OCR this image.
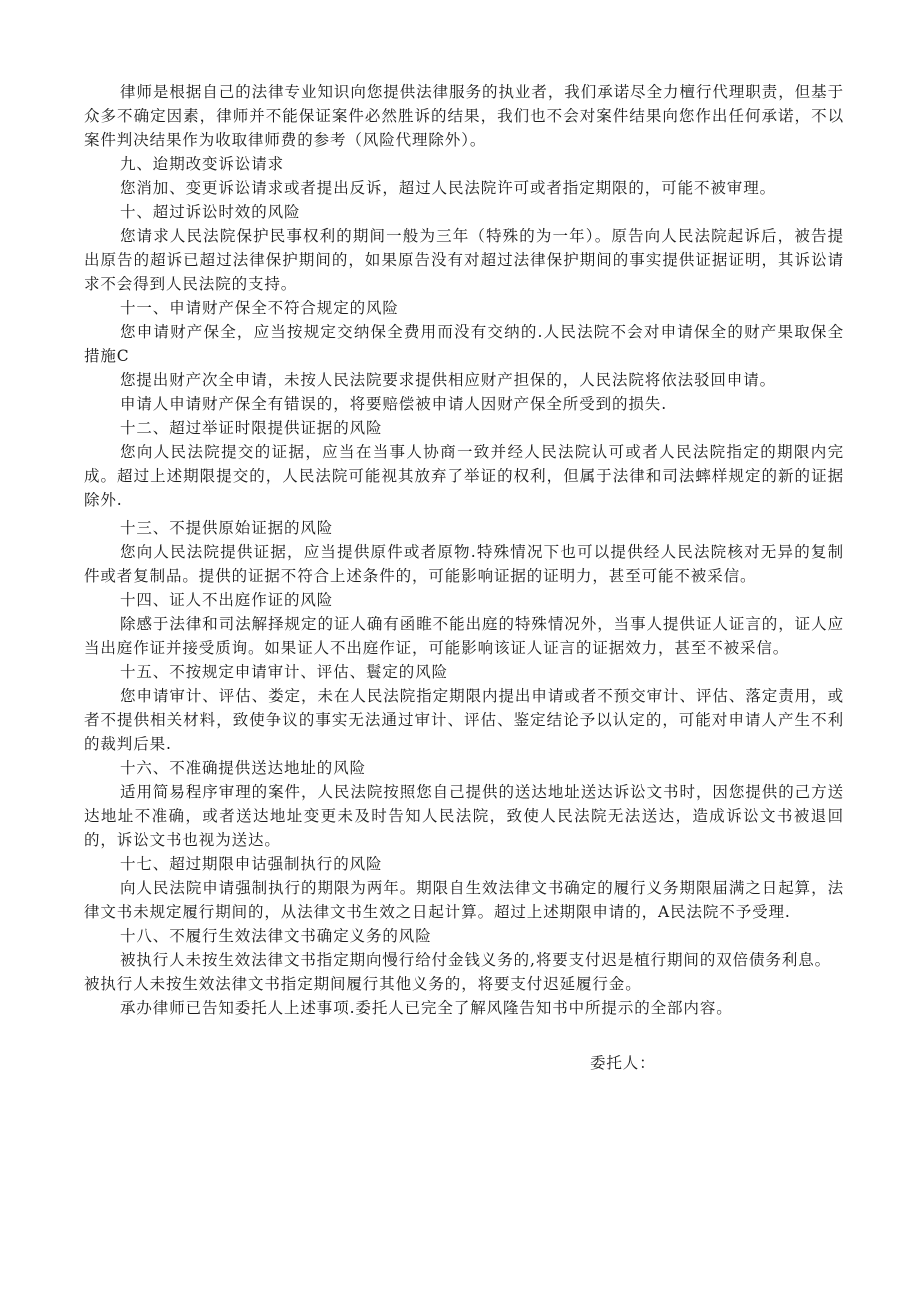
律师是根据自己的法律专业知识向您提供法律服务的执业者，我们承诺尽全力檀行代理职责，但基于众多不确定因素，律师并不能保证案件必然胜诉的结果，我们也不会对案件结果向您作出任何承诺，不以案件判决结果作为收取律师费的参考（风险代理除外）。

九、迨期改变诉讼请求

您消加、变更诉讼请求或者提出反诉，超过人民法院许可或者指定期限的，可能不被审理。

十、超过诉讼时效的风险

您请求人民法院保护民事权利的期间一般为三年（特殊的为一年）。原告向人民法院起诉后，被告提出原告的超诉已超过法律保护期间的，如果原告没有对超过法律保护期间的事实提供证据证明，其诉讼请求不会得到人民法院的支持。

十一、申请财产保全不符合规定的风险

您申请财产保全，应当按规定交纳保全费用而没有交纳的.人民法院不会对申请保全的财产果取保全措施C

您提出财产次全申请，未按人民法院要求提供相应财产担保的，人民法院将依法驳回申请。

申请人申请财产保全有错误的，将要赔偿被申请人因财产保全所受到的损失.

十二、超过举证时限提供证据的风险

您向人民法院提交的证据，应当在当事人协商一致并经人民法院认可或者人民法院指定的期限内完成。超过上述期限提交的，人民法院可能视其放弃了举证的权利，但属于法律和司法蟀样规定的新的证据除外.

十三、不提供原始证据的风险

您向人民法院提供证据，应当提供原件或者原物.特殊情况下也可以提供经人民法院核对无异的复制件或者复制品。提供的证据不符合上述条件的，可能影响证据的证明力，甚至可能不被采信。

十四、证人不出庭作证的风险

除感于法律和司法解择规定的证人确有函睢不能出庭的特殊情况外，当事人提供证人证言的，证人应当出庭作证并接受质询。如果证人不出庭作证，可能影响该证人证言的证据效力，甚至不被采信。

十五、不按规定申请审计、评估、鬟定的风险

您申请审计、评估、娄定，未在人民法院指定期限内提出申请或者不预交审计、评估、落定责用，或者不提供相关材料，致使争议的事实无法通过审计、评估、鉴定结论予以认定的，可能对申请人产生不利的裁判后果.

十六、不准确提供送达地址的风险

适用简易程序审理的案件，人民法院按照您自己提供的送达地址送达诉讼文书时，因您提供的己方送达地址不准确，或者送达地址变更未及时告知人民法院，致使人民法院无法送达，造成诉讼文书被退回的，诉讼文书也视为送达。

十七、超过期限申诂强制执行的风险

向人民法院申请强制执行的期限为两年。期限自生效法律文书确定的履行义务期限届满之日起算，法律文书未规定履行期间的，从法律文书生效之日起计算。超过上述期限申请的，A民法院不予受理.

十八、不履行生效法律文书确定义务的风险

被执行人未按生效法律文书指定期向慢行给付金钱义务的,将要支付迟是植行期间的双倍债务利息。

被执行人未按生效法律文书指定期间履行其他义务的，将要支付迟延履行金。

承办律师已告知委托人上述事项.委托人已完全了解风隆告知书中所提示的全部内容。

委托人：
